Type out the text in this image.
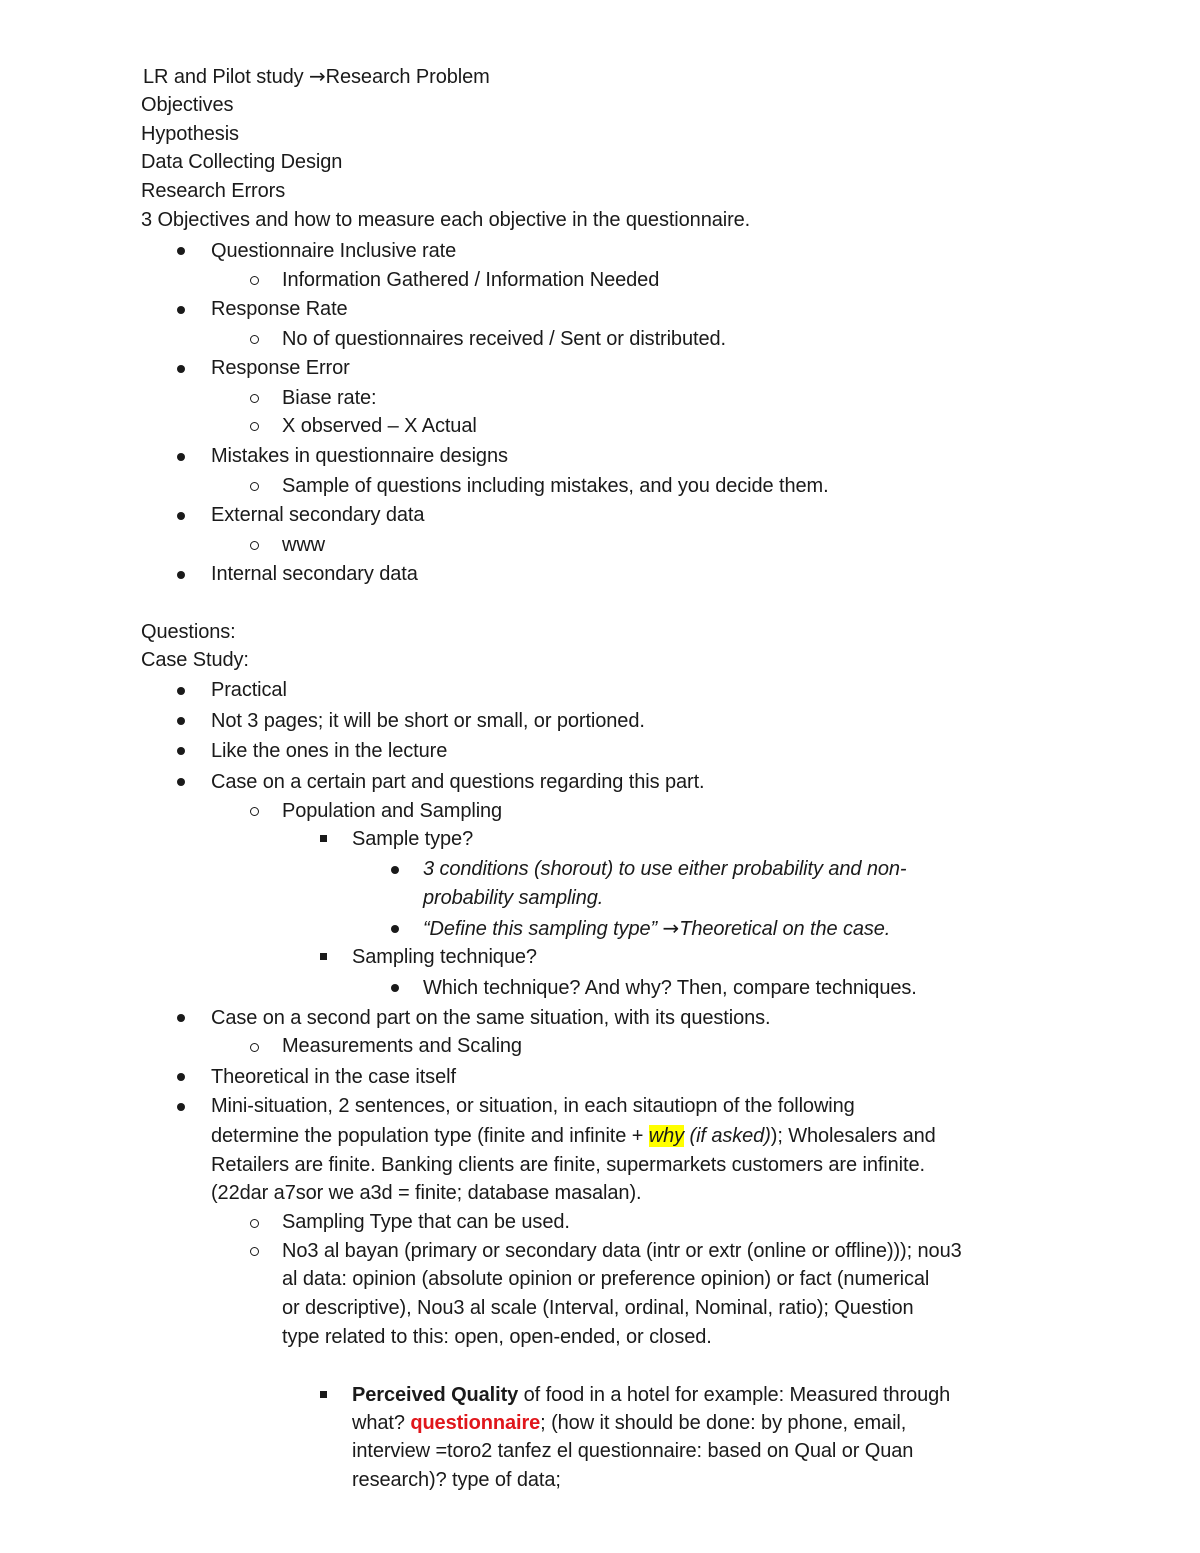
LR and Pilot study →Research Problem
Objectives
Hypothesis
Data Collecting Design
Research Errors
3 Objectives and how to measure each objective in the questionnaire.
Questionnaire Inclusive rate
Information Gathered / Information Needed
Response Rate
No of questionnaires received / Sent or distributed.
Response Error
Biase rate:
X observed – X Actual
Mistakes in questionnaire designs
Sample of questions including mistakes, and you decide them.
External secondary data
www
Internal secondary data
Questions:
Case Study:
Practical
Not 3 pages; it will be short or small, or portioned.
Like the ones in the lecture
Case on a certain part and questions regarding this part.
Population and Sampling
Sample type?
3 conditions (shorout) to use either probability and non-
probability sampling.
“Define this sampling type” →Theoretical on the case.
Sampling technique?
Which technique? And why? Then, compare techniques.
Case on a second part on the same situation, with its questions.
Measurements and Scaling
Theoretical in the case itself
Mini-situation, 2 sentences, or situation, in each sitautiopn of the following
determine the population type (finite and infinite + why (if asked)); Wholesalers and
Retailers are finite. Banking clients are finite, supermarkets customers are infinite.
(22dar a7sor we a3d = finite; database masalan).
Sampling Type that can be used.
No3 al bayan (primary or secondary data (intr or extr (online or offline))); nou3
al data: opinion (absolute opinion or preference opinion) or fact (numerical
or descriptive), Nou3 al scale (Interval, ordinal, Nominal, ratio); Question
type related to this: open, open-ended, or closed.
Perceived Quality of food in a hotel for example: Measured through
what? questionnaire; (how it should be done: by phone, email,
interview =toro2 tanfez el questionnaire: based on Qual or Quan
research)? type of data;
